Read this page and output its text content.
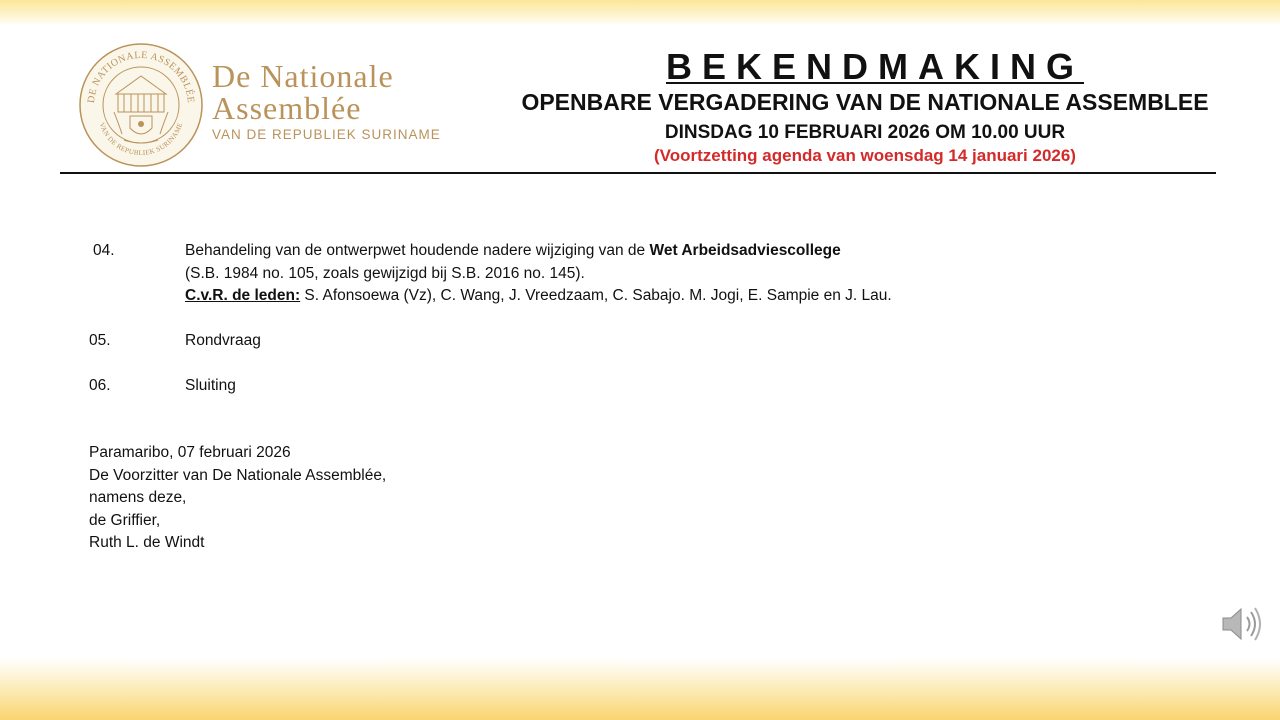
DE NATIONALE ASSEMBLÉE
VAN DE REPUBLIEK SURINAME
De Nationale
Assemblée
VAN DE REPUBLIEK SURINAME
BEKENDMAKING
OPENBARE VERGADERING VAN DE NATIONALE ASSEMBLEE
DINSDAG 10 FEBRUARI 2026 OM 10.00 UUR
(Voortzetting agenda van woensdag 14 januari 2026)
04.	Behandeling van de ontwerpwet houdende nadere wijziging van de Wet Arbeidsadviescollege
(S.B. 1984 no. 105, zoals gewijzigd bij S.B. 2016 no. 145).
C.v.R. de leden: S. Afonsoewa (Vz), C. Wang, J. Vreedzaam, C. Sabajo. M. Jogi, E. Sampie en J. Lau.
05.	Rondvraag
06.	Sluiting
Paramaribo, 07 februari 2026
De Voorzitter van De Nationale Assemblée,
namens deze,
de Griffier,
Ruth L. de Windt
